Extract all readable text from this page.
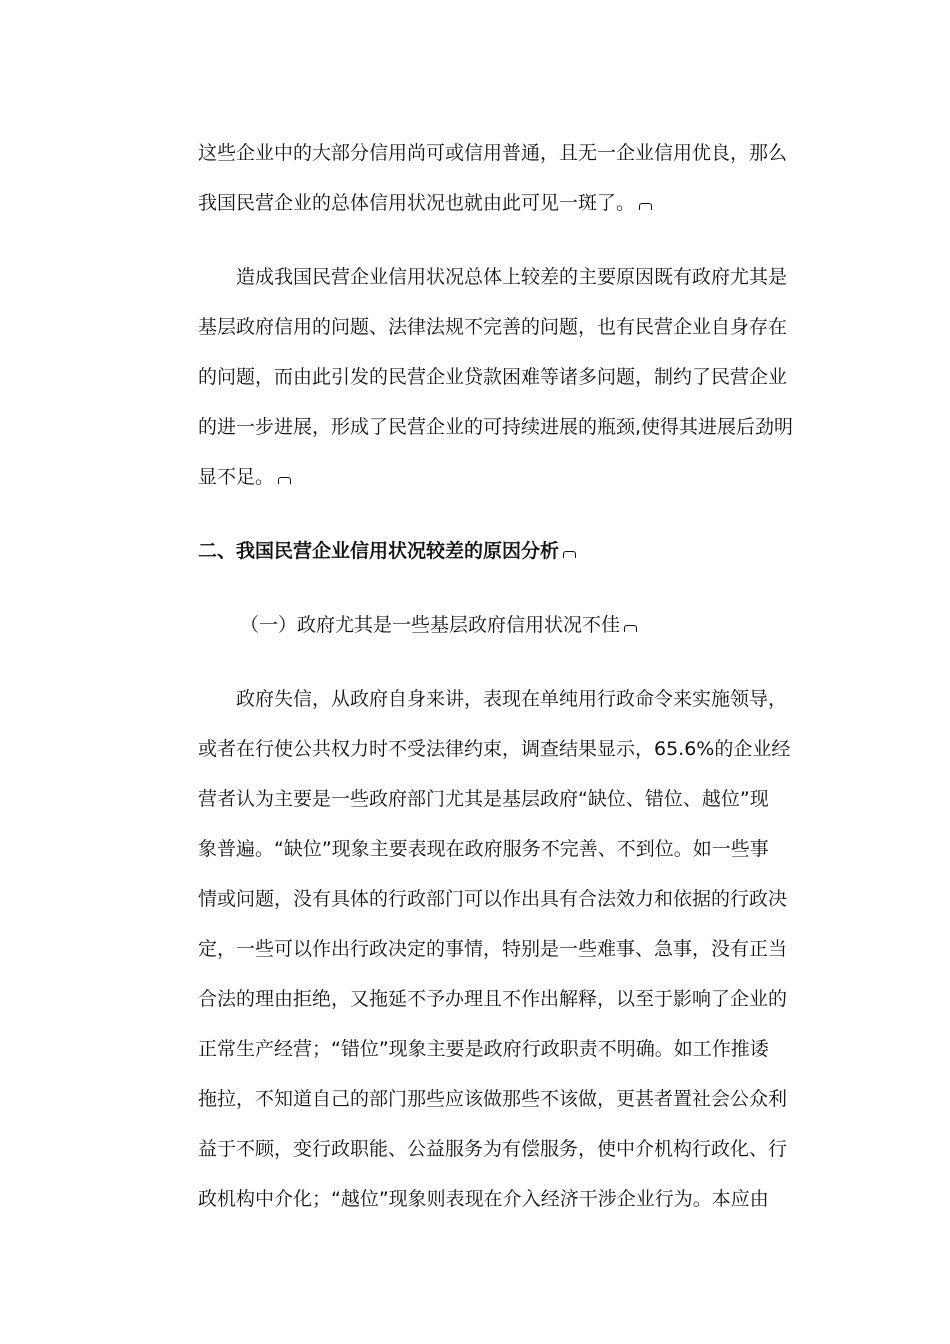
这些企业中的大部分信用尚可或信用普通，且无一企业信用优良，那么
我国民营企业的总体信用状况也就由此可见一斑了。
造成我国民营企业信用状况总体上较差的主要原因既有政府尤其是
基层政府信用的问题、法律法规不完善的问题，也有民营企业自身存在
的问题，而由此引发的民营企业贷款困难等诸多问题，制约了民营企业
的进一步进展，形成了民营企业的可持续进展的瓶颈,使得其进展后劲明
显不足。
二、我国民营企业信用状况较差的原因分析
（一）政府尤其是一些基层政府信用状况不佳
政府失信，从政府自身来讲，表现在单纯用行政命令来实施领导，
或者在行使公共权力时不受法律约束，调查结果显示，65.6%的企业经
营者认为主要是一些政府部门尤其是基层政府“缺位、错位、越位”现
象普遍。“缺位”现象主要表现在政府服务不完善、不到位。如一些事
情或问题，没有具体的行政部门可以作出具有合法效力和依据的行政决
定，一些可以作出行政决定的事情，特别是一些难事、急事，没有正当
合法的理由拒绝，又拖延不予办理且不作出解释，以至于影响了企业的
正常生产经营；“错位”现象主要是政府行政职责不明确。如工作推诿
拖拉，不知道自己的部门那些应该做那些不该做，更甚者置社会公众利
益于不顾，变行政职能、公益服务为有偿服务，使中介机构行政化、行
政机构中介化；“越位”现象则表现在介入经济干涉企业行为。本应由
